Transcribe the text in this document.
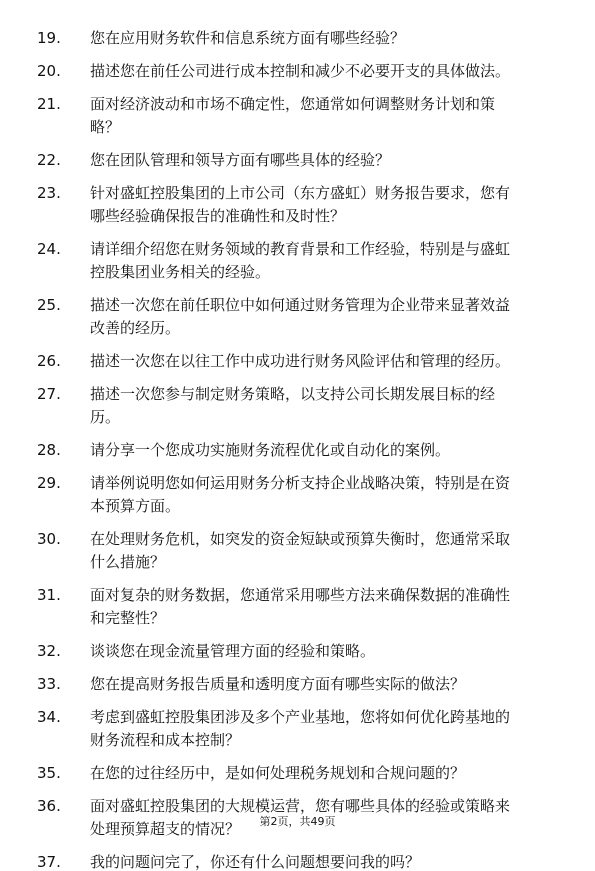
19.	您在应用财务软件和信息系统方面有哪些经验？
20.	描述您在前任公司进行成本控制和减少不必要开支的具体做法。
21.	面对经济波动和市场不确定性，您通常如何调整财务计划和策
略？
22.	您在团队管理和领导方面有哪些具体的经验？
23.	针对盛虹控股集团的上市公司（东方盛虹）财务报告要求，您有
哪些经验确保报告的准确性和及时性？
24.	请详细介绍您在财务领域的教育背景和工作经验，特别是与盛虹
控股集团业务相关的经验。
25.	描述一次您在前任职位中如何通过财务管理为企业带来显著效益
改善的经历。
26.	描述一次您在以往工作中成功进行财务风险评估和管理的经历。
27.	描述一次您参与制定财务策略，以支持公司长期发展目标的经
历。
28.	请分享一个您成功实施财务流程优化或自动化的案例。
29.	请举例说明您如何运用财务分析支持企业战略决策，特别是在资
本预算方面。
30.	在处理财务危机，如突发的资金短缺或预算失衡时，您通常采取
什么措施？
31.	面对复杂的财务数据，您通常采用哪些方法来确保数据的准确性
和完整性？
32.	谈谈您在现金流量管理方面的经验和策略。
33.	您在提高财务报告质量和透明度方面有哪些实际的做法？
34.	考虑到盛虹控股集团涉及多个产业基地，您将如何优化跨基地的
财务流程和成本控制？
35.	在您的过往经历中，是如何处理税务规划和合规问题的？
36.	面对盛虹控股集团的大规模运营，您有哪些具体的经验或策略来
处理预算超支的情况？
37.	我的问题问完了，你还有什么问题想要问我的吗？
第2页，共49页
